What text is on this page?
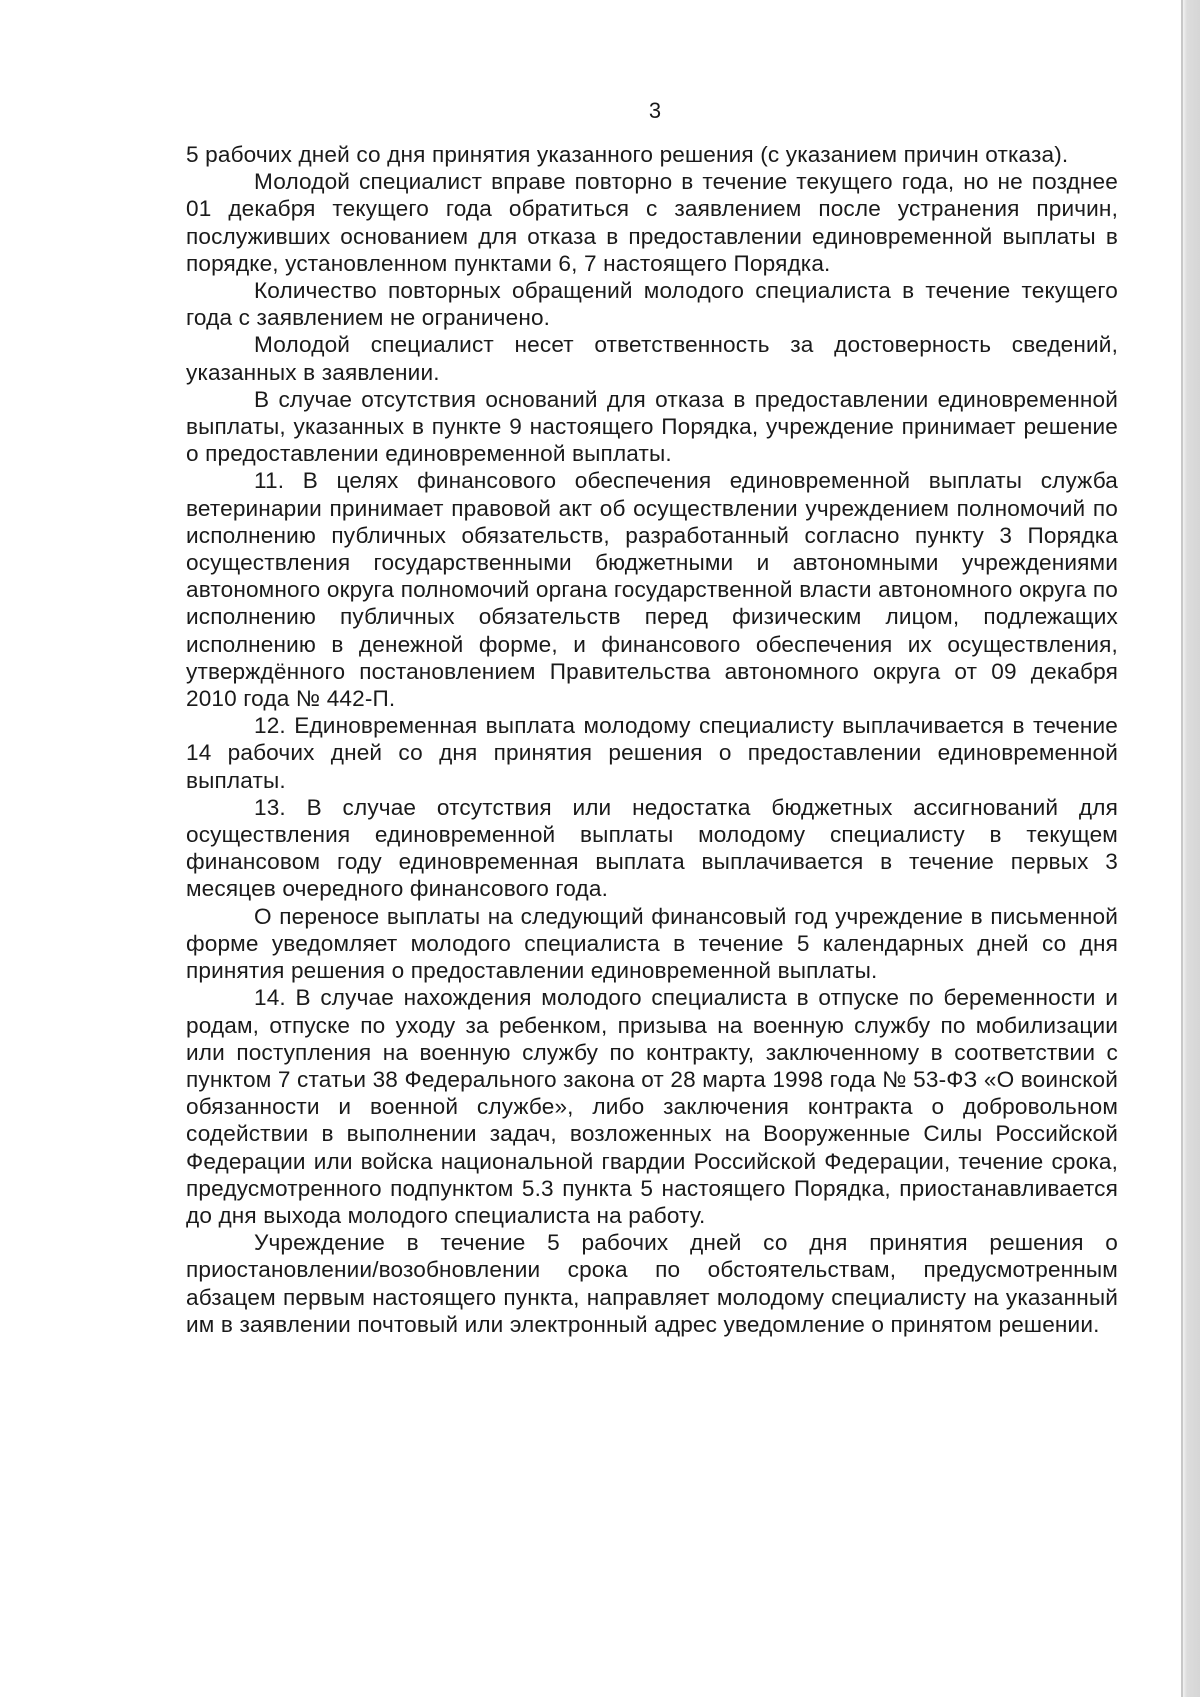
3

5 рабочих дней со дня принятия указанного решения (с указанием причин отказа).

Молодой специалист вправе повторно в течение текущего года, но не позднее 01 декабря текущего года обратиться с заявлением после устранения причин, послуживших основанием для отказа в предоставлении единовременной выплаты в порядке, установленном пунктами 6, 7 настоящего Порядка.

Количество повторных обращений молодого специалиста в течение текущего года с заявлением не ограничено.

Молодой специалист несет ответственность за достоверность сведений, указанных в заявлении.

В случае отсутствия оснований для отказа в предоставлении единовременной выплаты, указанных в пункте 9 настоящего Порядка, учреждение принимает решение о предоставлении единовременной выплаты.

11. В целях финансового обеспечения единовременной выплаты служба ветеринарии принимает правовой акт об осуществлении учреждением полномочий по исполнению публичных обязательств, разработанный согласно пункту 3 Порядка осуществления государственными бюджетными и автономными учреждениями автономного округа полномочий органа государственной власти автономного округа по исполнению публичных обязательств перед физическим лицом, подлежащих исполнению в денежной форме, и финансового обеспечения их осуществления, утверждённого постановлением Правительства автономного округа от 09 декабря 2010 года № 442-П.

12. Единовременная выплата молодому специалисту выплачивается в течение 14 рабочих дней со дня принятия решения о предоставлении единовременной выплаты.

13. В случае отсутствия или недостатка бюджетных ассигнований для осуществления единовременной выплаты молодому специалисту в текущем финансовом году единовременная выплата выплачивается в течение первых 3 месяцев очередного финансового года.

О переносе выплаты на следующий финансовый год учреждение в письменной форме уведомляет молодого специалиста в течение 5 календарных дней со дня принятия решения о предоставлении единовременной выплаты.

14. В случае нахождения молодого специалиста в отпуске по беременности и родам, отпуске по уходу за ребенком, призыва на военную службу по мобилизации или поступления на военную службу по контракту, заключенному в соответствии с пунктом 7 статьи 38 Федерального закона от 28 марта 1998 года № 53-ФЗ «О воинской обязанности и военной службе», либо заключения контракта о добровольном содействии в выполнении задач, возложенных на Вооруженные Силы Российской Федерации или войска национальной гвардии Российской Федерации, течение срока, предусмотренного подпунктом 5.3 пункта 5 настоящего Порядка, приостанавливается до дня выхода молодого специалиста на работу.

Учреждение в течение 5 рабочих дней со дня принятия решения о приостановлении/возобновлении срока по обстоятельствам, предусмотренным абзацем первым настоящего пункта, направляет молодому специалисту на указанный им в заявлении почтовый или электронный адрес уведомление о принятом решении.
